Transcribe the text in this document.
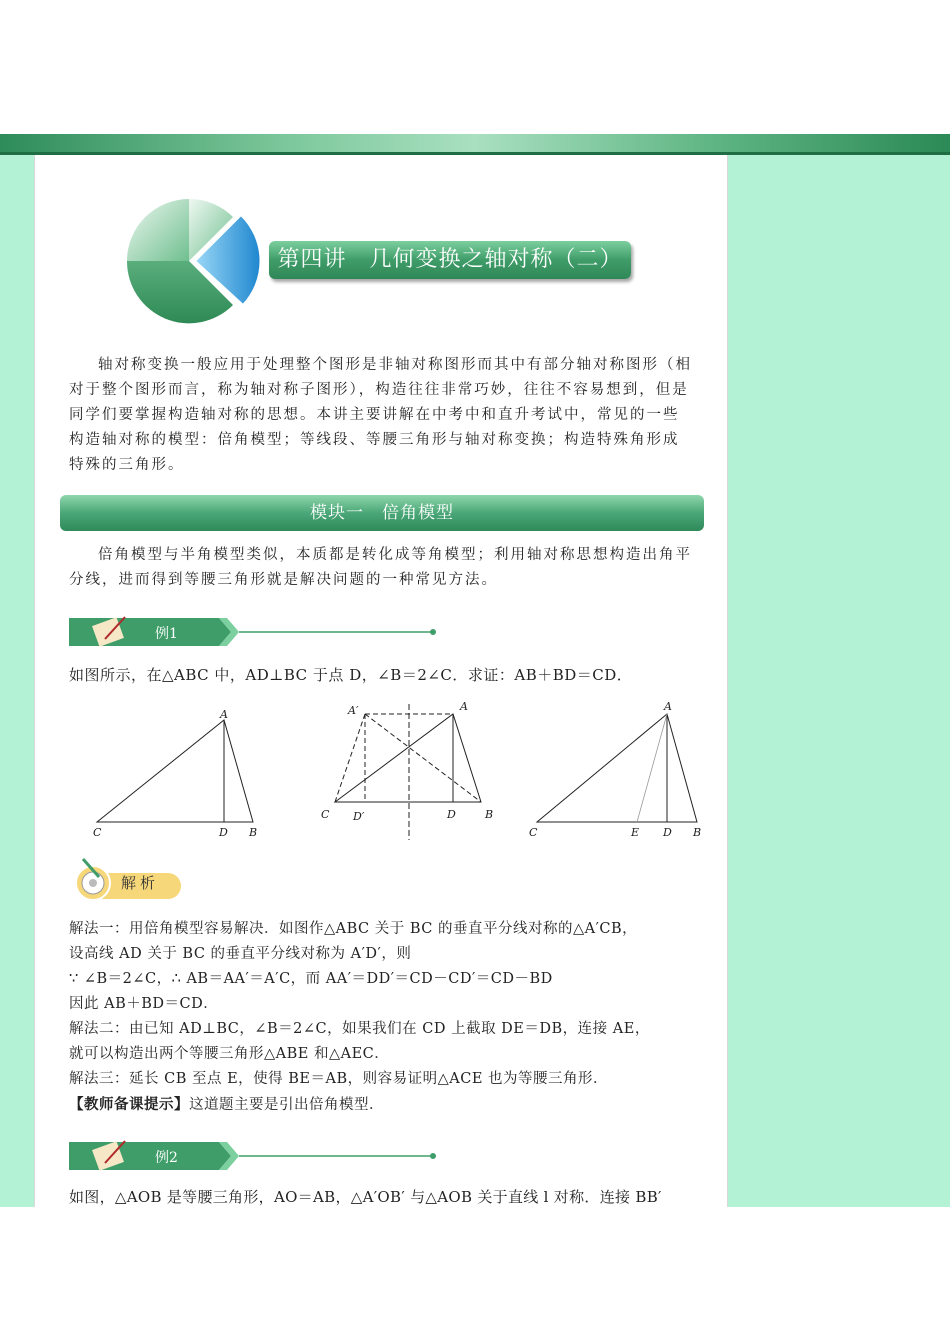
第四讲　几何变换之轴对称（二）

轴对称变换一般应用于处理整个图形是非轴对称图形而其中有部分轴对称图形（相对于整个图形而言，称为轴对称子图形），构造往往非常巧妙，往往不容易想到，但是同学们要掌握构造轴对称的思想。本讲主要讲解在中考中和直升考试中，常见的一些构造轴对称的模型：倍角模型；等线段、等腰三角形与轴对称变换；构造特殊角形成特殊的三角形。

模块一　倍角模型

倍角模型与半角模型类似，本质都是转化成等角模型；利用轴对称思想构造出角平分线，进而得到等腰三角形就是解决问题的一种常见方法。

例1

如图所示，在△ABC 中，AD⊥BC 于点 D，∠B＝2∠C．求证：AB＋BD＝CD．

A
C	D B
A′	A
C D′	D	B
A
C	E D B
解析

解法一：用倍角模型容易解决．如图作△ABC 关于 BC 的垂直平分线对称的△A′CB，

设高线 AD 关于 BC 的垂直平分线对称为 A′D′，则

∵ ∠B＝2∠C，∴ AB＝AA′＝A′C，而 AA′＝DD′＝CD－CD′＝CD－BD

因此 AB＋BD＝CD．

解法二：由已知 AD⊥BC，∠B＝2∠C，如果我们在 CD 上截取 DE＝DB，连接 AE，

就可以构造出两个等腰三角形△ABE 和△AEC．

解法三：延长 CB 至点 E，使得 BE＝AB，则容易证明△ACE 也为等腰三角形．

【教师备课提示】这道题主要是引出倍角模型．

例2

如图，△AOB 是等腰三角形，AO＝AB，△A′OB′ 与△AOB 关于直线 l 对称．连接 BB′
